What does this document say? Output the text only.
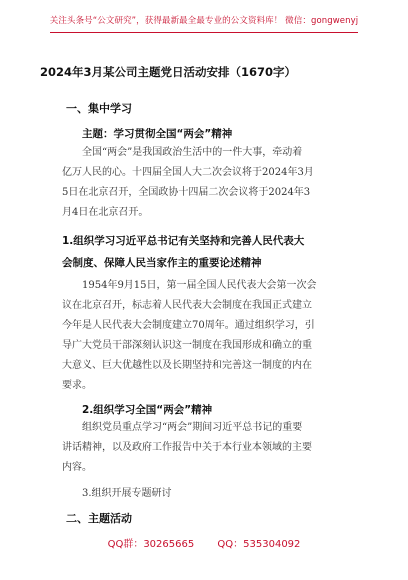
关注头条号“公文研究”，获得最新最全最专业的公文资料库！ 微信：gongwenyj
2024年3月某公司主题党日活动安排（1670字）
一、集中学习
主题：学习贯彻全国“两会”精神
全国“两会”是我国政治生活中的一件大事，牵动着
亿万人民的心。十四届全国人大二次会议将于2024年3月
5日在北京召开，全国政协十四届二次会议将于2024年3
月4日在北京召开。
1.组织学习习近平总书记有关坚持和完善人民代表大
会制度、保障人民当家作主的重要论述精神
1954年9月15日，第一届全国人民代表大会第一次会
议在北京召开，标志着人民代表大会制度在我国正式建立
今年是人民代表大会制度建立70周年。通过组织学习，引
导广大党员干部深刻认识这一制度在我国形成和确立的重
大意义、巨大优越性以及长期坚持和完善这一制度的内在
要求。
2.组织学习全国“两会”精神
组织党员重点学习“两会”期间习近平总书记的重要
讲话精神，以及政府工作报告中关于本行业本领域的主要
内容。
3.组织开展专题研讨
二、主题活动
QQ群：30265665 QQ：535304092
